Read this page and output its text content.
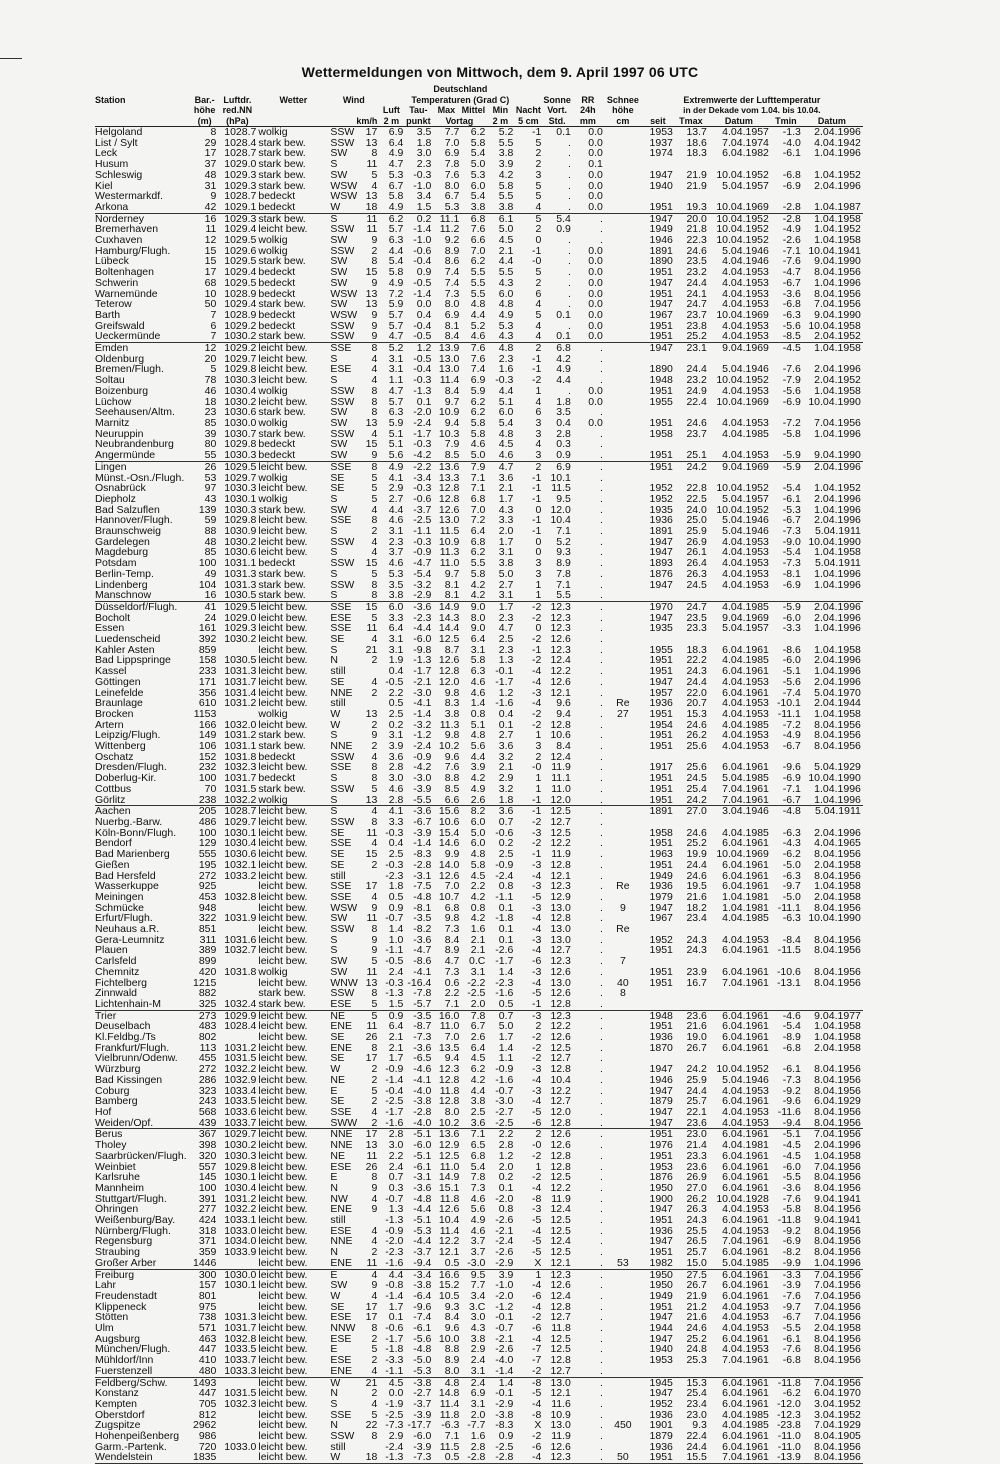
Wettermeldungen von Mittwoch, dem 9. April 1997 06 UTC
						Deutschland													
Station	Bar.-	Luftdr.	Wetter	Wind		Temperaturen (Grad C)						Sonne	RR	Schnee	Extremwerte der Lufttemperatur				
	höhe	red.NN				Luft	Tau-	Max	Mittel	Min	Nacht	Vort.	24h	höhe	in der Dekade vom 1.04. bis 10.04.				
	(m)	(hPa)		km/h		2 m	punkt	Vortag		2 m	5 cm	Std.	mm	cm	seit	Tmax	Datum	Tmin	Datum
Helgoland	8	1028.7	wolkig	SSW	17	6.9	3.5	7.7	6.2	5.2	-1	0.1	0.0		1953	13.7	4.04.1957	-1.3	2.04.1996
List / Sylt	29	1028.4	stark bew.	SSW	13	6.4	1.8	7.0	5.8	5.5	5	.	0.0		1937	18.6	7.04.1974	-4.0	4.04.1942
Leck	17	1028.7	stark bew.	SW	8	4.9	3.0	6.9	5.4	3.8	2	.	0.0		1974	18.3	6.04.1982	-6.1	1.04.1996
Husum	37	1029.0	stark bew.	S	11	4.7	2.3	7.8	5.0	3.9	2	.	0.1						
Schleswig	48	1029.3	stark bew.	SW	5	5.3	-0.3	7.6	5.3	4.2	3	.	0.0		1947	21.9	10.04.1952	-6.8	1.04.1952
Kiel	31	1029.3	stark bew.	WSW	4	6.7	-1.0	8.0	6.0	5.8	5	.	0.0		1940	21.9	5.04.1957	-6.9	2.04.1996
Westermarkdf.	9	1028.7	bedeckt	WSW	13	5.8	3.4	6.7	5.4	5.5	5	.	0.0						
Arkona	42	1029.1	bedeckt	W	18	4.9	1.5	5.3	3.8	3.8	4	.	0.0		1951	19.3	10.04.1969	-2.8	1.04.1987
Norderney	16	1029.3	stark bew.	S	11	6.2	0.2	11.1	6.8	6.1	5	5.4	.		1947	20.0	10.04.1952	-2.8	1.04.1958
Bremerhaven	11	1029.4	leicht bew.	SSW	11	5.7	-1.4	11.2	7.6	5.0	2	0.9	.		1949	21.8	10.04.1952	-4.9	1.04.1952
Cuxhaven	12	1029.5	wolkig	SW	9	6.3	-1.0	9.2	6.6	4.5	0	.	.		1946	22.3	10.04.1952	-2.6	1.04.1958
Hamburg/Flugh.	15	1029.6	wolkig	SSW	2	4.4	-0.6	8.9	7.0	2.1	-1	.	0.0		1891	24.6	5.04.1946	-7.1	10.04.1941
Lübeck	15	1029.5	stark bew.	SW	8	5.4	-0.4	8.6	6.2	4.4	-0	.	0.0		1890	23.5	4.04.1946	-7.6	9.04.1990
Boltenhagen	17	1029.4	bedeckt	SW	15	5.8	0.9	7.4	5.5	5.5	5	.	0.0		1951	23.2	4.04.1953	-4.7	8.04.1956
Schwerin	68	1029.5	bedeckt	SW	9	4.9	-0.5	7.4	5.5	4.3	2	.	0.0		1947	24.4	4.04.1953	-6.7	1.04.1996
Warnemünde	10	1028.9	bedeckt	WSW	13	7.2	-1.4	7.3	5.5	6.0	6	.	0.0		1951	24.1	4.04.1953	-3.6	8.04.1956
Teterow	50	1029.4	stark bew.	SW	13	5.9	0.0	8.0	4.8	4.8	4	.	0.0		1947	24.7	4.04.1953	-6.8	7.04.1956
Barth	7	1028.9	bedeckt	WSW	9	5.7	0.4	6.9	4.4	4.9	5	0.1	0.0		1967	23.7	10.04.1969	-6.3	9.04.1990
Greifswald	6	1029.2	bedeckt	SSW	9	5.7	-0.4	8.1	5.2	5.3	4	.	0.0		1951	23.8	4.04.1953	-5.6	10.04.1958
Ueckermünde	7	1030.2	stark bew.	SSW	9	4.7	-0.5	8.4	4.6	4.3	4	0.1	0.0		1951	25.2	4.04.1953	-8.5	2.04.1952
Emden	12	1029.2	leicht bew.	SSE	8	5.2	1.2	13.9	7.6	4.8	2	6.8	.		1947	23.1	9.04.1969	-4.5	1.04.1958
Oldenburg	20	1029.7	leicht bew.	S	4	3.1	-0.5	13.0	7.6	2.3	-1	4.2	.						
Bremen/Flugh.	5	1029.8	leicht bew.	ESE	4	3.1	-0.4	13.0	7.4	1.6	-1	4.9	.		1890	24.4	5.04.1946	-7.6	2.04.1996
Soltau	78	1030.3	leicht bew.	S	4	1.1	-0.3	11.4	6.9	-0.3	-2	4.4	.		1948	23.2	10.04.1952	-7.9	2.04.1952
Boizenburg	46	1030.4	wolkig	SSW	8	4.7	-1.3	8.4	5.9	4.4	1	.	0.0		1951	24.9	4.04.1953	-5.6	1.04.1958
Lüchow	18	1030.2	leicht bew.	SSW	8	5.7	0.1	9.7	6.2	5.1	4	1.8	0.0		1955	22.4	10.04.1969	-6.9	10.04.1990
Seehausen/Altm.	23	1030.6	stark bew.	SW	8	6.3	-2.0	10.9	6.2	6.0	6	3.5	.						
Marnitz	85	1030.0	wolkig	SW	13	5.9	-2.4	9.4	5.8	5.4	3	0.4	0.0		1951	24.6	4.04.1953	-7.2	7.04.1956
Neuruppin	39	1030.7	stark bew.	SSW	4	5.1	-1.7	10.3	5.8	4.8	3	2.8	.		1958	23.7	4.04.1985	-5.8	1.04.1996
Neubrandenburg	80	1029.8	bedeckt	SW	15	5.1	-0.3	7.9	4.6	4.5	4	0.3	.						
Angermünde	55	1030.3	bedeckt	SW	9	5.6	-4.2	8.5	5.0	4.6	3	0.9	.		1951	25.1	4.04.1953	-5.9	9.04.1990
Lingen	26	1029.5	leicht bew.	SSE	8	4.9	-2.2	13.6	7.9	4.7	2	6.9	.		1951	24.2	9.04.1969	-5.9	2.04.1996
Münst.-Osn./Flugh.	53	1029.7	wolkig	SE	5	4.1	-3.4	13.3	7.1	3.6	-1	10.1	.						
Osnabrück	97	1030.3	leicht bew.	SE	5	2.9	-0.3	12.8	7.1	2.1	-1	11.5	.		1952	22.8	10.04.1952	-5.4	1.04.1952
Diepholz	43	1030.1	wolkig	S	5	2.7	-0.6	12.8	6.8	1.7	-1	9.5	.		1952	22.5	5.04.1957	-6.1	2.04.1996
Bad Salzuflen	139	1030.3	stark bew.	SW	4	4.4	-3.7	12.6	7.0	4.3	0	12.0	.		1935	24.0	10.04.1952	-5.3	1.04.1996
Hannover/Flugh.	59	1029.8	leicht bew.	SSE	8	4.6	-2.5	13.0	7.2	3.3	-1	10.4	.		1936	25.0	5.04.1946	-6.7	2.04.1996
Braunschweig	88	1030.9	leicht bew.	S	2	3.1	-1.1	11.5	6.4	2.0	-1	7.1	.		1891	25.9	5.04.1946	-7.3	5.04.1911
Gardelegen	48	1030.2	leicht bew.	SSW	4	2.3	-0.3	10.9	6.8	1.7	0	5.2	.		1947	26.9	4.04.1953	-9.0	10.04.1990
Magdeburg	85	1030.6	leicht bew.	S	4	3.7	-0.9	11.3	6.2	3.1	0	9.3	.		1947	26.1	4.04.1953	-5.4	1.04.1958
Potsdam	100	1031.1	bedeckt	SSW	15	4.6	-4.7	11.0	5.5	3.8	3	8.9	.		1893	26.4	4.04.1953	-7.3	5.04.1911
Berlin-Temp.	49	1031.3	stark bew.	S	5	5.3	-5.4	9.7	5.8	5.0	3	7.8	.		1876	26.3	4.04.1953	-8.1	1.04.1996
Lindenberg	104	1031.3	stark bew.	SSW	8	3.5	-3.2	8.1	4.2	2.7	1	7.1	.		1947	24.5	4.04.1953	-6.9	1.04.1996
Manschnow	16	1030.5	stark bew.	S	8	3.8	-2.9	8.1	4.2	3.1	1	5.5	.						
Düsseldorf/Flugh.	41	1029.5	leicht bew.	SSE	15	6.0	-3.6	14.9	9.0	1.7	-2	12.3	.		1970	24.7	4.04.1985	-5.9	2.04.1996
Bocholt	24	1029.0	leicht bew.	ESE	5	3.3	-2.3	14.3	8.0	2.3	-2	12.3	.		1947	23.5	9.04.1969	-6.0	2.04.1996
Essen	161	1029.3	leicht bew.	SSE	11	6.4	-4.4	14.4	9.0	4.7	0	12.3	.		1935	23.3	5.04.1957	-3.3	1.04.1996
Luedenscheid	392	1030.2	leicht bew.	SE	4	3.1	-6.0	12.5	6.4	2.5	-2	12.6	.						
Kahler Asten	859		leicht bew.	S	21	3.1	-9.8	8.7	3.1	2.3	-1	12.3	.		1955	18.3	6.04.1961	-8.6	1.04.1958
Bad Lippspringe	158	1030.5	leicht bew.	N	2	1.9	-1.3	12.6	5.8	1.3	-2	12.4	.		1951	22.2	4.04.1985	-6.0	2.04.1996
Kassel	233	1031.3	leicht bew.	still		0.4	-1.7	12.8	6.3	-0.1	-4	12.2	.		1951	24.3	6.04.1961	-5.1	1.04.1996
Göttingen	171	1031.7	leicht bew.	SE	4	-0.5	-2.1	12.0	4.6	-1.7	-4	12.6	.		1947	24.4	4.04.1953	-5.6	2.04.1996
Leinefelde	356	1031.4	leicht bew.	NNE	2	2.2	-3.0	9.8	4.6	1.2	-3	12.1	.		1957	22.0	6.04.1961	-7.4	5.04.1970
Braunlage	610	1031.2	leicht bew.	still		0.5	-4.1	8.3	1.4	-1.6	-4	9.6	.	Re	1936	20.7	4.04.1953	-10.1	2.04.1944
Brocken	1153		wolkig	W	13	2.5	-1.4	3.8	0.8	0.4	-2	9.4	.	27	1951	15.3	4.04.1953	-11.1	1.04.1958
Artern	166	1032.0	leicht bew.	W	2	0.2	-3.2	11.3	5.1	0.1	-2	12.8	.		1954	24.6	4.04.1985	-7.2	8.04.1956
Leipzig/Flugh.	149	1031.2	stark bew.	S	9	3.1	-1.2	9.8	4.8	2.7	1	10.6	.		1951	26.2	4.04.1953	-4.9	8.04.1956
Wittenberg	106	1031.1	stark bew.	NNE	2	3.9	-2.4	10.2	5.6	3.6	3	8.4	.		1951	25.6	4.04.1953	-6.7	8.04.1956
Oschatz	152	1031.8	bedeckt	SSW	4	3.6	-0.9	9.6	4.4	3.2	2	12.4	.						
Dresden/Flugh.	232	1032.3	leicht bew.	SSE	8	2.8	-4.2	7.6	3.9	2.1	-0	11.9	.		1917	25.6	6.04.1961	-9.6	5.04.1929
Doberlug-Kir.	100	1031.7	bedeckt	S	8	3.0	-3.0	8.8	4.2	2.9	1	11.1	.		1951	24.5	5.04.1985	-6.9	10.04.1990
Cottbus	70	1031.5	stark bew.	SSW	5	4.6	-3.9	8.5	4.9	3.2	1	11.0	.		1951	25.4	7.04.1961	-7.1	1.04.1996
Görlitz	238	1032.2	wolkig	S	13	2.8	-5.5	6.6	2.6	1.8	-1	12.0	.		1951	24.2	7.04.1961	-6.7	1.04.1996
Aachen	205	1028.7	leicht bew.	S	4	4.1	-3.6	15.6	8.2	3.6	-1	12.5	.		1891	27.0	3.04.1946	-4.8	5.04.1911
Nuerbg.-Barw.	486	1029.7	leicht bew.	SSW	8	3.3	-6.7	10.6	6.0	0.7	-2	12.7	.						
Köln-Bonn/Flugh.	100	1030.1	leicht bew.	SE	11	-0.3	-3.9	15.4	5.0	-0.6	-3	12.5	.		1958	24.6	4.04.1985	-6.3	2.04.1996
Bendorf	129	1030.4	leicht bew.	SSE	4	0.4	-1.4	14.6	6.0	0.2	-2	12.2	.		1951	25.2	6.04.1961	-4.3	4.04.1965
Bad Marienberg	555	1030.6	leicht bew.	SE	15	2.5	-8.3	9.9	4.8	2.5	-1	11.9	.		1963	19.9	10.04.1969	-6.2	8.04.1956
Gießen	195	1032.1	leicht bew.	SE	2	-0.3	-2.8	14.0	5.8	-0.9	-3	12.8	.		1951	24.4	6.04.1961	-5.0	2.04.1958
Bad Hersfeld	272	1033.2	leicht bew.	still		-2.3	-3.1	12.6	4.5	-2.4	-4	12.1	.		1949	24.6	6.04.1961	-6.3	8.04.1956
Wasserkuppe	925		leicht bew.	SSE	17	1.8	-7.5	7.0	2.2	0.8	-3	12.3	.	Re	1936	19.5	6.04.1961	-9.7	1.04.1958
Meiningen	453	1032.8	leicht bew.	SSE	4	0.5	-4.8	10.7	4.2	-1.1	-5	12.9	.		1979	21.6	1.04.1981	-5.0	2.04.1958
Schmücke	948		leicht bew.	WSW	9	0.9	-8.1	6.8	0.8	0.1	-3	13.0	.	9	1947	18.2	1.04.1981	-11.1	8.04.1956
Erfurt/Flugh.	322	1031.9	leicht bew.	SW	11	-0.7	-3.5	9.8	4.2	-1.8	-4	12.8	.		1967	23.4	4.04.1985	-6.3	10.04.1990
Neuhaus a.R.	851		leicht bew.	SSW	8	1.4	-8.2	7.3	1.6	0.1	-4	13.0	.	Re					
Gera-Leumnitz	311	1031.6	leicht bew.	S	9	1.0	-3.6	8.4	2.1	0.1	-3	13.0	.		1952	24.3	4.04.1953	-8.4	8.04.1956
Plauen	389	1032.7	leicht bew.	S	9	-1.1	-4.7	8.9	2.1	-2.6	-4	12.7	.		1951	24.3	6.04.1961	-11.5	8.04.1956
Carlsfeld	899		leicht bew.	SW	5	-0.5	-8.6	4.7	0.C	-1.7	-6	12.3	.	7					
Chemnitz	420	1031.8	wolkig	SW	11	2.4	-4.1	7.3	3.1	1.4	-3	12.6	.		1951	23.9	6.04.1961	-10.6	8.04.1956
Fichtelberg	1215		leicht bew.	WNW	13	-0.3	-16.4	0.6	-2.2	-2.3	-4	13.0	.	40	1951	16.7	7.04.1961	-13.1	8.04.1956
Zinnwald	882		stark bew.	SSW	8	-1.3	-7.8	2.2	-2.5	-1.6	-5	12.6	.	8					
Lichtenhain-M	325	1032.4	stark bew.	ESE	5	1.5	-5.7	7.1	2.0	0.5	-1	12.8	.						
Trier	273	1029.9	leicht bew.	NE	5	0.9	-3.5	16.0	7.8	0.7	-3	12.3	.		1948	23.6	6.04.1961	-4.6	9.04.1977
Deuselbach	483	1028.4	leicht bew.	ENE	11	6.4	-8.7	11.0	6.7	5.0	2	12.2	.		1951	21.6	6.04.1961	-5.4	1.04.1958
Kl.Feldbg./Ts	802		leicht bew.	SE	26	2.1	-7.3	7.0	2.6	1.7	-2	12.6	.		1936	19.0	6.04.1961	-8.9	1.04.1958
Frankfurt/Flugh.	113	1031.2	leicht bew.	ENE	8	2.1	-3.6	13.5	6.4	1.4	-2	12.5	.		1870	26.7	6.04.1961	-6.8	2.04.1958
Vielbrunn/Odenw.	455	1031.5	leicht bew.	SE	17	1.7	-6.5	9.4	4.5	1.1	-2	12.7	.						
Würzburg	272	1032.2	leicht bew.	W	2	-0.9	-4.6	12.3	6.2	-0.9	-3	12.8	.		1947	24.2	10.04.1952	-6.1	8.04.1956
Bad Kissingen	286	1032.9	leicht bew.	NE	2	-1.4	-4.1	12.8	4.2	-1.6	-4	10.4	.		1946	25.9	5.04.1946	-7.3	8.04.1956
Coburg	323	1033.4	leicht bew.	E	5	-0.4	-4.0	11.8	4.4	-0.7	-3	12.2	.		1947	24.4	4.04.1953	-9.2	8.04.1956
Bamberg	243	1033.5	leicht bew.	SE	2	-2.5	-3.8	12.8	3.8	-3.0	-4	12.7	.		1879	25.7	6.04.1961	-9.6	6.04.1929
Hof	568	1033.6	leicht bew.	SSE	4	-1.7	-2.8	8.0	2.5	-2.7	-5	12.0	.		1947	22.1	4.04.1953	-11.6	8.04.1956
Weiden/Opf.	439	1033.7	leicht bew.	SWW	2	-1.6	-4.0	10.2	3.6	-2.5	-6	12.8	.		1947	23.6	4.04.1953	-9.4	8.04.1956
Berus	367	1029.7	leicht bew.	NNE	17	2.8	-5.1	13.6	7.1	2.2	2	12.6	.		1951	23.0	6.04.1961	-5.1	7.04.1956
Tholey	398	1030.2	leicht bew.	NNE	13	3.0	-6.0	12.9	6.5	2.8	-0	12.6	.		1976	21.4	4.04.1981	-4.5	2.04.1996
Saarbrücken/Flugh.	320	1030.3	leicht bew.	NE	11	2.2	-5.1	12.5	6.8	1.2	-2	12.8	.		1951	23.3	6.04.1961	-4.5	1.04.1958
Weinbiet	557	1029.8	leicht bew.	ESE	26	2.4	-6.1	11.0	5.4	2.0	1	12.8	.		1953	23.6	6.04.1961	-6.0	7.04.1956
Karlsruhe	145	1030.1	leicht bew.	E	8	0.7	-3.1	14.9	7.8	0.2	-2	12.5	.		1876	26.9	6.04.1961	-5.5	8.04.1956
Mannheim	100	1030.4	leicht bew.	N	9	0.3	-3.6	15.1	7.3	0.1	-4	12.2	.		1950	27.0	6.04.1961	-3.6	8.04.1956
Stuttgart/Flugh.	391	1031.2	leicht bew.	NW	4	-0.7	-4.8	11.8	4.6	-2.0	-8	11.9	.		1900	26.2	10.04.1928	-7.6	9.04.1941
Öhringen	277	1032.2	leicht bew.	ENE	9	1.3	-4.4	12.6	5.6	0.8	-3	12.4	.		1947	26.3	4.04.1953	-5.8	8.04.1956
Weißenburg/Bay.	424	1033.1	leicht bew.	still		-1.3	-5.1	10.4	4.9	-2.6	-5	12.5	.		1951	24.3	6.04.1961	-11.8	9.04.1941
Nürnberg/Flugh.	318	1033.0	leicht bew.	ESE	4	-0.9	-5.3	11.4	4.6	-2.1	-4	12.5	.		1936	25.5	4.04.1953	-9.2	8.04.1956
Regensburg	371	1034.0	leicht bew.	NNE	4	-2.0	-4.4	12.2	3.7	-2.4	-5	12.4	.		1947	26.5	7.04.1961	-6.9	8.04.1956
Straubing	359	1033.9	leicht bew.	N	2	-2.3	-3.7	12.1	3.7	-2.6	-5	12.5	.		1951	25.7	6.04.1961	-8.2	8.04.1956
Großer Arber	1446		leicht bew.	ENE	11	-1.6	-9.4	0.5	-3.0	-2.9	X	12.1	.	53	1982	15.0	5.04.1985	-9.9	1.04.1996
Freiburg	300	1030.0	leicht bew.	E	4	4.4	-3.4	16.6	9.5	3.9	1	12.3	.		1950	27.5	6.04.1961	-3.3	7.04.1956
Lahr	157	1030.1	leicht bew.	SW	9	-0.8	-3.8	15.2	7.7	-1.0	-4	12.6	.		1950	26.7	6.04.1961	-3.9	7.04.1956
Freudenstadt	801		leicht bew.	W	4	-1.4	-6.4	10.5	3.4	-2.0	-6	12.4	.		1949	21.9	6.04.1961	-7.6	7.04.1956
Klippeneck	975		leicht bew.	SE	17	1.7	-9.6	9.3	3.C	-1.2	-4	12.8	.		1951	21.2	4.04.1953	-9.7	7.04.1956
Stötten	738	1031.3	leicht bew.	ESE	17	0.1	-7.4	8.4	3.0	-0.1	-2	12.7	.		1947	21.6	4.04.1953	-6.7	7.04.1956
Ulm	571	1031.7	leicht bew.	NNW	8	-0.6	-6.1	9.6	4.3	-0.7	-6	11.8	.		1944	24.6	4.04.1953	-5.5	2.04.1958
Augsburg	463	1032.8	leicht bew.	ESE	2	-1.7	-5.6	10.0	3.8	-2.1	-4	12.5	.		1947	25.2	6.04.1961	-6.1	8.04.1956
München/Flugh.	447	1033.5	leicht bew.	E	5	-1.8	-4.8	8.8	2.9	-2.6	-7	12.5	.		1940	24.8	4.04.1953	-7.6	8.04.1956
Mühldorf/Inn	410	1033.7	leicht bew.	ESE	2	-3.3	-5.0	8.9	2.4	-4.0	-7	12.8	.		1953	25.3	7.04.1961	-6.8	8.04.1956
Fuerstenzell	480	1033.3	leicht bew.	ENE	4	-1.1	-5.3	8.0	3.1	-1.4	-2	12.7	.						
Feldberg/Schw.	1493		leicht bew.	W	21	4.5	-3.8	4.8	2.4	1.4	-8	13.0	.		1945	15.3	6.04.1961	-11.8	7.04.1956
Konstanz	447	1031.5	leicht bew.	N	2	0.0	-2.7	14.8	6.9	-0.1	-5	12.1	.		1947	25.4	6.04.1961	-6.2	6.04.1970
Kempten	705	1032.3	leicht bew.	S	4	-1.9	-3.7	11.4	3.1	-2.9	-4	11.6	.		1952	23.4	6.04.1961	-12.0	3.04.1952
Oberstdorf	812		leicht bew.	SSE	5	-2.5	-3.9	11.8	2.0	-3.8	-8	10.9	.		1936	23.0	4.04.1985	-12.3	3.04.1952
Zugspitze	2962		leicht bew.	N	22	-7.3	-17.7	-6.3	-7.7	-8.3	X	13.0	.	450	1901	9.3	4.04.1985	-23.8	7.04.1929
Hohenpeißenberg	986		leicht bew.	SSW	8	2.9	-6.0	7.1	1.6	0.9	-2	11.9	.		1879	22.4	6.04.1961	-11.0	8.04.1905
Garm.-Partenk.	720	1033.0	leicht bew.	still		-2.4	-3.9	11.5	2.8	-2.5	-6	12.6	.		1936	24.4	6.04.1961	-11.0	8.04.1956
Wendelstein	1835		leicht bew.	W	18	-1.3	-7.3	0.5	-2.8	-2.8	-4	12.3	.	50	1951	15.5	7.04.1961	-13.9	8.04.1956
